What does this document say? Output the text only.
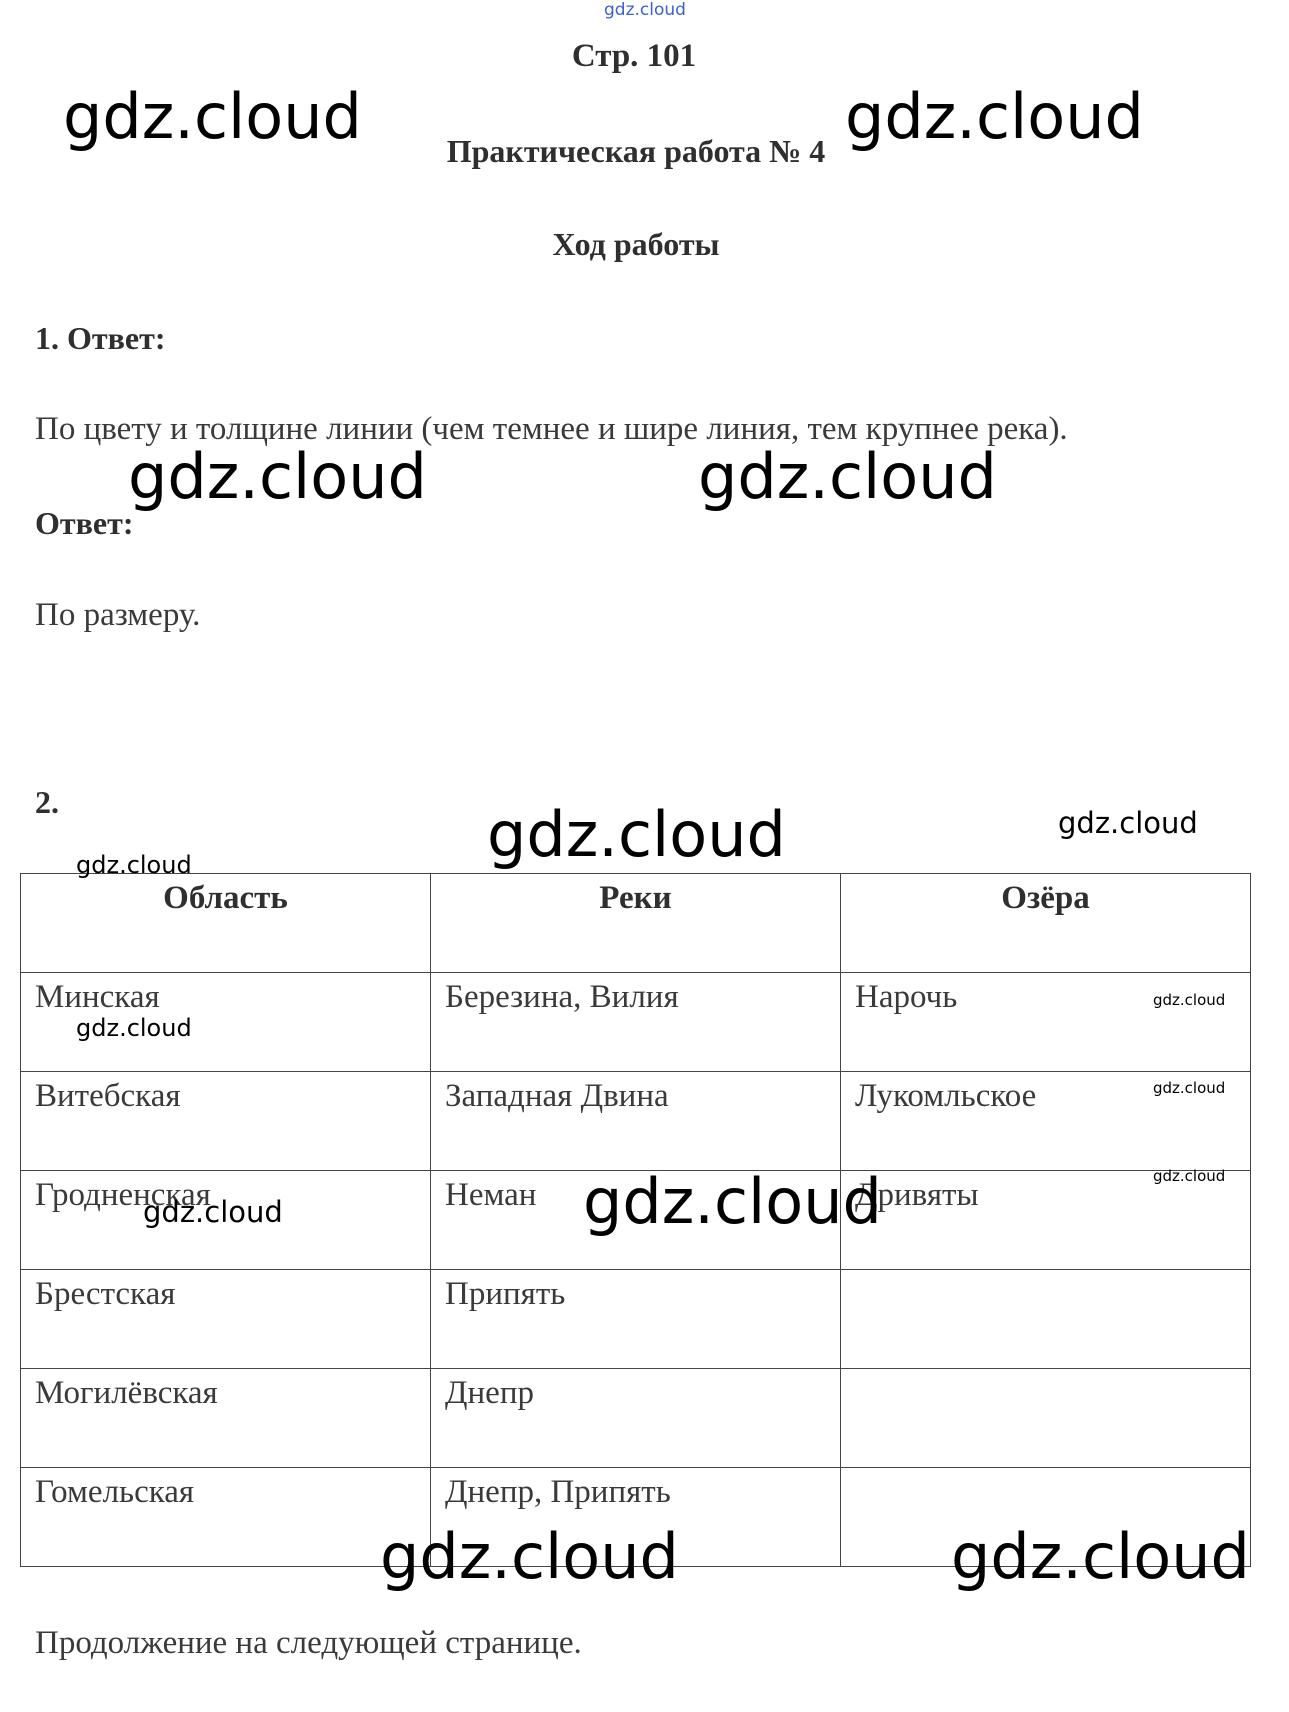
Стр. 101
Практическая работа № 4
Ход работы
1. Ответ:
По цвету и толщине линии (чем темнее и шире линия, тем крупнее река).
Ответ:
По размеру.
2.
Область	Реки	Озёра
Минская	Березина, Вилия	Нарочь
Витебская	Западная Двина	Лукомльское
Гродненская	Неман	Дривяты
Брестская	Припять	
Могилёвская	Днепр	
Гомельская	Днепр, Припять	
Продолжение на следующей странице.
gdz.cloud
gdz.cloud	gdz.cloud
gdz.cloud	gdz.cloud
gdz.cloud	gdz.cloud
gdz.cloud
gdz.cloud
gdz.cloud
gdz.cloud
gdz.cloud
gdz.cloud	gdz.cloud
gdz.cloud	gdz.cloud
